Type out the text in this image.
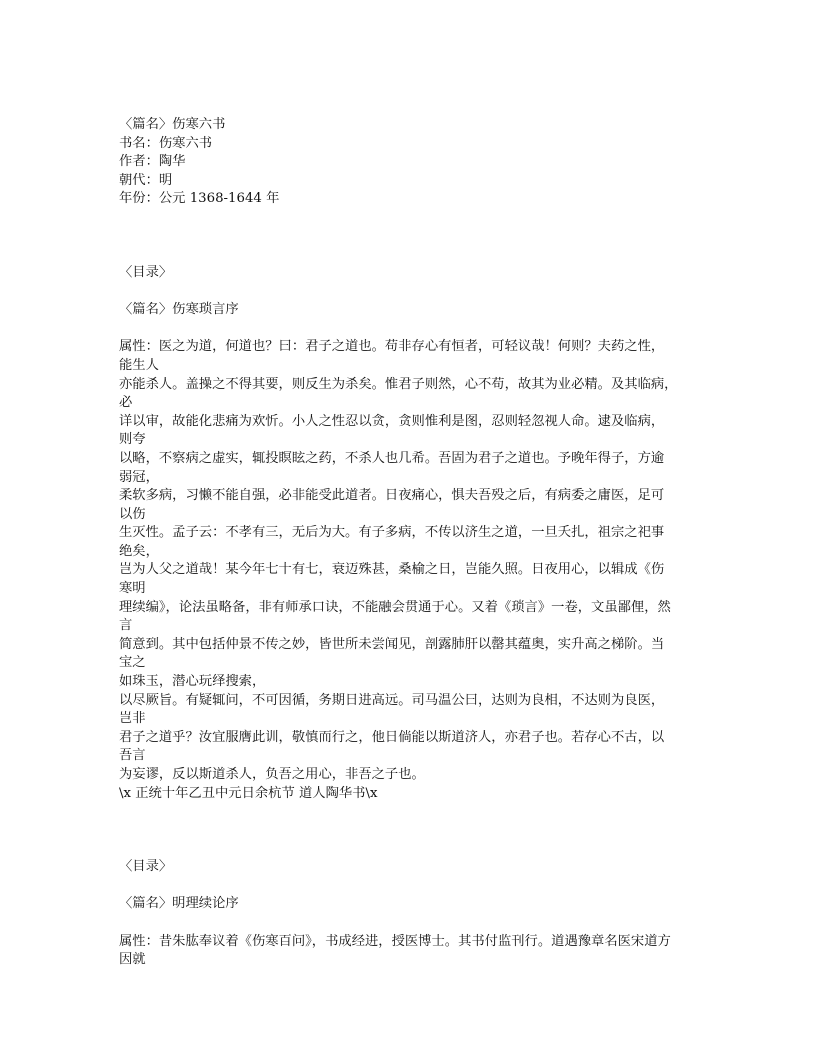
〈篇名〉伤寒六书
书名：伤寒六书
作者：陶华
朝代：明
年份：公元 1368-1644 年
〈目录〉
〈篇名〉伤寒琐言序
属性：医之为道，何道也？曰：君子之道也。苟非存心有恒者，可轻议哉！何则？夫药之性，
能生人
亦能杀人。盖操之不得其要，则反生为杀矣。惟君子则然，心不苟，故其为业必精。及其临病，
必
详以审，故能化悲痛为欢忻。小人之性忍以贪，贪则惟利是图，忍则轻忽视人命。逮及临病，
则夸
以略，不察病之虚实，辄投瞑眩之药，不杀人也几希。吾固为君子之道也。予晚年得子，方逾
弱冠，
柔软多病，习懒不能自强，必非能受此道者。日夜痛心，惧夫吾殁之后，有病委之庸医，足可
以伤
生灭性。孟子云：不孝有三，无后为大。有子多病，不传以济生之道，一旦夭扎，祖宗之祀事
绝矣，
岂为人父之道哉！某今年七十有七，衰迈殊甚，桑榆之日，岂能久照。日夜用心，以辑成《伤
寒明
理续编》，论法虽略备，非有师承口诀，不能融会贯通于心。又着《琐言》一卷，文虽鄙俚，然
言
简意到。其中包括仲景不传之妙，皆世所未尝闻见，剖露肺肝以罄其蕴奥，实升高之梯阶。当
宝之
如珠玉，潜心玩绎搜索，
以尽厥旨。有疑辄问，不可因循，务期日进高远。司马温公曰，达则为良相，不达则为良医，
岂非
君子之道乎？汝宜服膺此训，敬慎而行之，他日倘能以斯道济人，亦君子也。若存心不古，以
吾言
为妄谬，反以斯道杀人，负吾之用心，非吾之子也。
\x 正统十年乙丑中元日余杭节 道人陶华书\x
〈目录〉
〈篇名〉明理续论序
属性：昔朱肱奉议着《伤寒百问》，书成经进，授医博士。其书付监刊行。道遇豫章名医宋道方
因就
